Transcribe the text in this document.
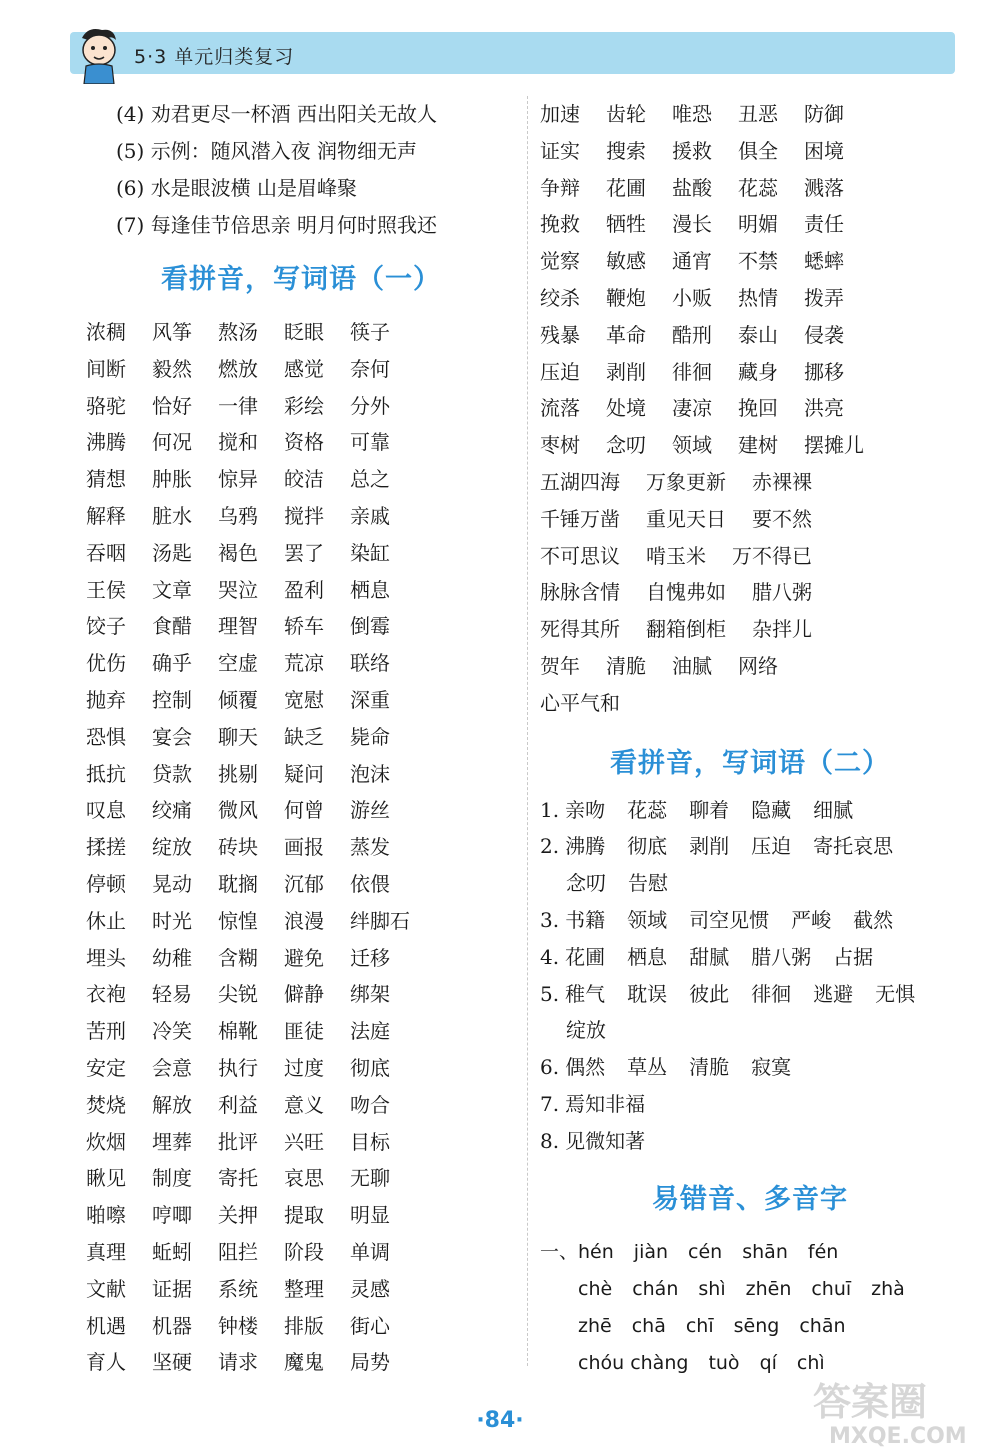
5·3 单元归类复习
(4) 劝君更尽一杯酒 西出阳关无故人
(5) 示例：随风潜入夜 润物细无声
(6) 水是眼波横 山是眉峰聚
(7) 每逢佳节倍思亲 明月何时照我还
看拼音，写词语（一）
浓稠	风筝	熬汤	眨眼	筷子
间断	毅然	燃放	感觉	奈何
骆驼	恰好	一律	彩绘	分外
沸腾	何况	搅和	资格	可靠
猜想	肿胀	惊异	皎洁	总之
解释	脏水	乌鸦	搅拌	亲戚
吞咽	汤匙	褐色	罢了	染缸
王侯	文章	哭泣	盈利	栖息
饺子	食醋	理智	轿车	倒霉
优伤	确乎	空虚	荒凉	联络
抛弃	控制	倾覆	宽慰	深重
恐惧	宴会	聊天	缺乏	毙命
抵抗	贷款	挑剔	疑问	泡沫
叹息	绞痛	微风	何曾	游丝
揉搓	绽放	砖块	画报	蒸发
停顿	晃动	耽搁	沉郁	依偎
休止	时光	惊惶	浪漫	绊脚石
埋头	幼稚	含糊	避免	迁移
衣袍	轻易	尖锐	僻静	绑架
苦刑	冷笑	棉靴	匪徒	法庭
安定	会意	执行	过度	彻底
焚烧	解放	利益	意义	吻合
炊烟	埋葬	批评	兴旺	目标
瞅见	制度	寄托	哀思	无聊
啪嚓	哼唧	关押	提取	明显
真理	蚯蚓	阻拦	阶段	单调
文献	证据	系统	整理	灵感
机遇	机器	钟楼	排版	街心
育人	坚硬	请求	魔鬼	局势
加速	齿轮	唯恐	丑恶	防御
证实	搜索	援救	俱全	困境
争辩	花圃	盐酸	花蕊	溅落
挽救	牺牲	漫长	明媚	责任
觉察	敏感	通宵	不禁	蟋蟀
绞杀	鞭炮	小贩	热情	拨弄
残暴	革命	酷刑	泰山	侵袭
压迫	剥削	徘徊	藏身	挪移
流落	处境	凄凉	挽回	洪亮
枣树	念叨	领域	建树	摆摊儿
五湖四海 万象更新 赤裸裸
千锤万凿 重见天日 要不然
不可思议 啃玉米 万不得已
脉脉含情 自愧弗如 腊八粥
死得其所 翻箱倒柜 杂拌儿
贺年 清脆 油腻 网络
心平气和
看拼音，写词语（二）
1. 亲吻 花蕊 聊着 隐藏 细腻
2. 沸腾 彻底 剥削 压迫 寄托哀思
念叨 告慰
3. 书籍 领域 司空见惯 严峻 截然
4. 花圃 栖息 甜腻 腊八粥 占据
5. 稚气 耽误 彼此 徘徊 逃避 无惧
绽放
6. 偶然 草丛 清脆 寂寞
7. 焉知非福
8. 见微知著
易错音、多音字
一、hén jiàn cén shān fén
chè chán shì zhēn chuī zhà
zhē chā chī sēng chān
chóu chàng tuò qí chì
·84·	答案圈
MXQE.COM
